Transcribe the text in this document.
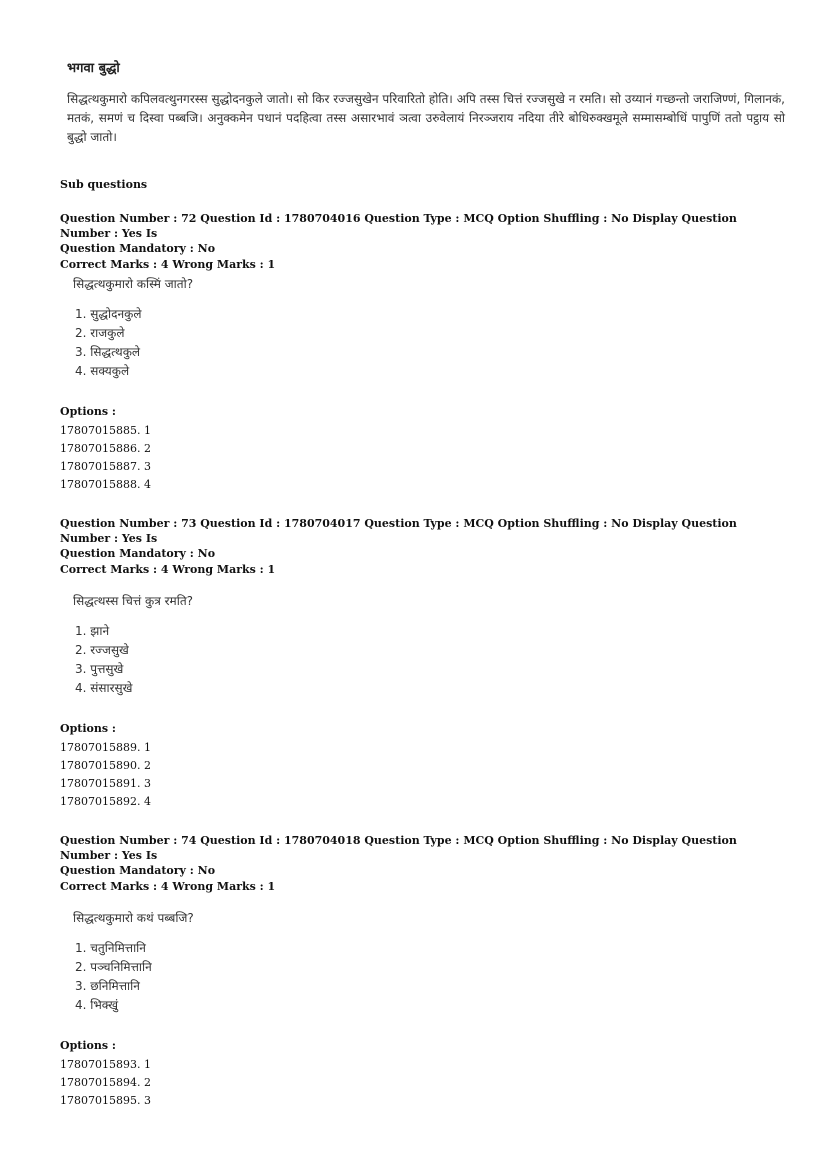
भगवा बुद्धो
सिद्धत्थकुमारो कपिलवत्थुनगरस्स सुद्धोदनकुले जातो। सो किर रज्जसुखेन परिवारितो होति। अपि तस्स चित्तं रज्जसुखे न रमति। सो उय्यानं गच्छन्तो जराजिण्णं, गिलानकं, मतकं, समणं च दिस्वा पब्बजि। अनुक्कमेन पधानं पदहित्वा तस्स असारभावं ञत्वा उरुवेलायं निरञ्जराय नदिया तीरे बोधिरुक्खमूले सम्मासम्बोधिं पापुणिं ततो पट्ठाय सो बुद्धो जातो।
Sub questions
Question Number : 72 Question Id : 1780704016 Question Type : MCQ Option Shuffling : No Display Question Number : Yes Is
Question Mandatory : No
Correct Marks : 4 Wrong Marks : 1
सिद्धत्थकुमारो कस्मिं जातो?
1. सुद्धोदनकुले
2. राजकुले
3. सिद्धत्थकुले
4. सक्यकुले
Options :
17807015885. 1
17807015886. 2
17807015887. 3
17807015888. 4
Question Number : 73 Question Id : 1780704017 Question Type : MCQ Option Shuffling : No Display Question Number : Yes Is
Question Mandatory : No
Correct Marks : 4 Wrong Marks : 1
सिद्धत्थस्स चित्तं कुत्र रमति?
1. झाने
2. रज्जसुखे
3. पुत्तसुखे
4. संसारसुखे
Options :
17807015889. 1
17807015890. 2
17807015891. 3
17807015892. 4
Question Number : 74 Question Id : 1780704018 Question Type : MCQ Option Shuffling : No Display Question Number : Yes Is
Question Mandatory : No
Correct Marks : 4 Wrong Marks : 1
सिद्धत्थकुमारो कथं पब्बजि?
1. चतुनिमित्तानि
2. पञ्चनिमित्तानि
3. छनिमित्तानि
4. भिक्खुं
Options :
17807015893. 1
17807015894. 2
17807015895. 3
